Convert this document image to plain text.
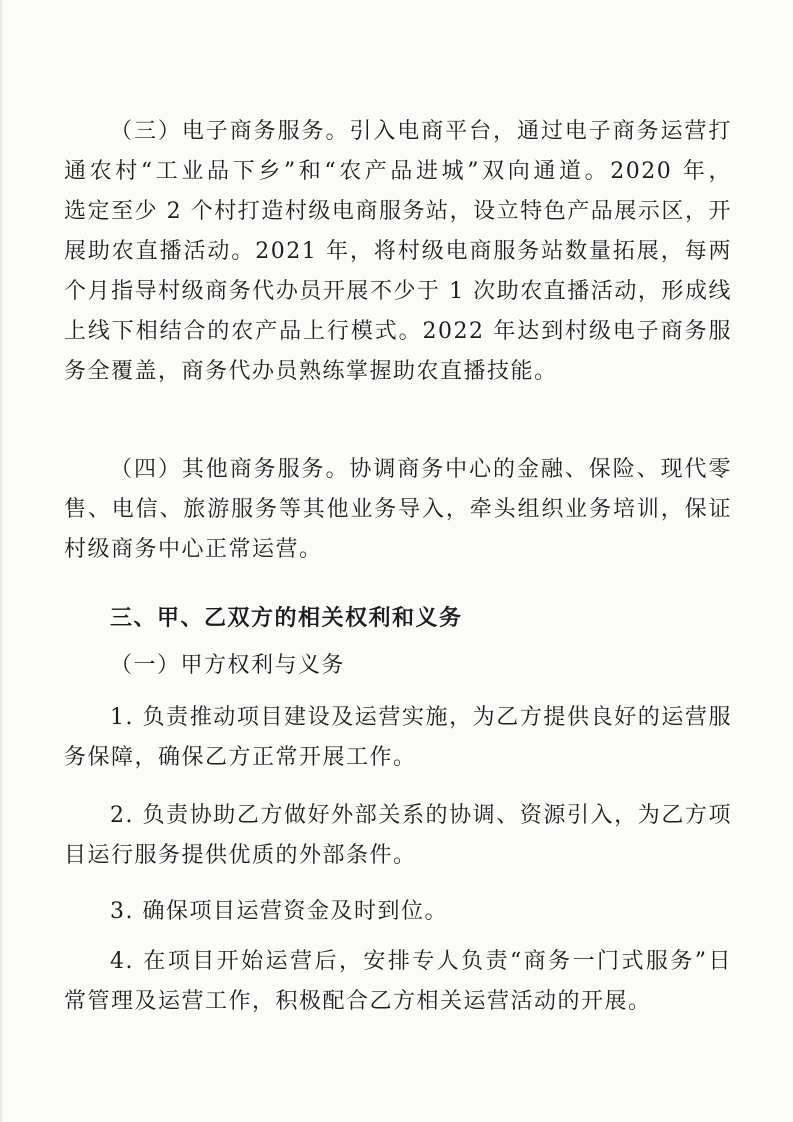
（三）电子商务服务。引入电商平台，通过电子商务运营打
通农村“工业品下乡”和“农产品进城”双向通道。2020 年，
选定至少 2 个村打造村级电商服务站，设立特色产品展示区，开
展助农直播活动。2021 年，将村级电商服务站数量拓展，每两
个月指导村级商务代办员开展不少于 1 次助农直播活动，形成线
上线下相结合的农产品上行模式。2022 年达到村级电子商务服
务全覆盖，商务代办员熟练掌握助农直播技能。
（四）其他商务服务。协调商务中心的金融、保险、现代零
售、电信、旅游服务等其他业务导入，牵头组织业务培训，保证
村级商务中心正常运营。
三、甲、乙双方的相关权利和义务
（一）甲方权利与义务
1. 负责推动项目建设及运营实施，为乙方提供良好的运营服
务保障，确保乙方正常开展工作。
2. 负责协助乙方做好外部关系的协调、资源引入，为乙方项
目运行服务提供优质的外部条件。
3. 确保项目运营资金及时到位。
4. 在项目开始运营后，安排专人负责“商务一门式服务”日
常管理及运营工作，积极配合乙方相关运营活动的开展。
